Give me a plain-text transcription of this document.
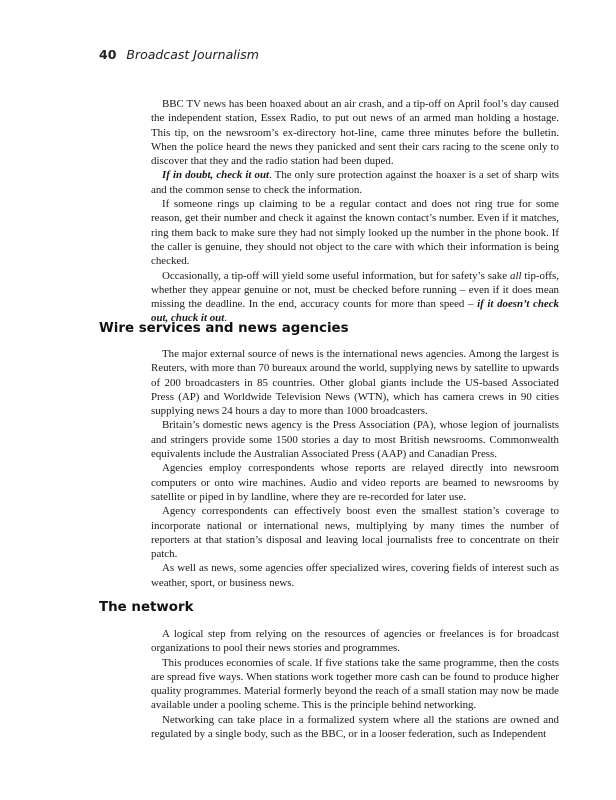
40 Broadcast Journalism

BBC TV news has been hoaxed about an air crash, and a tip-off on April fool’s day caused the independent station, Essex Radio, to put out news of an armed man holding a hostage. This tip, on the newsroom’s ex-directory hot-line, came three minutes before the bulletin. When the police heard the news they panicked and sent their cars racing to the scene only to discover that they and the radio station had been duped.

If in doubt, check it out. The only sure protection against the hoaxer is a set of sharp wits and the common sense to check the information.

If someone rings up claiming to be a regular contact and does not ring true for some reason, get their number and check it against the known contact’s number. Even if it matches, ring them back to make sure they had not simply looked up the number in the phone book. If the caller is genuine, they should not object to the care with which their information is being checked.

Occasionally, a tip-off will yield some useful information, but for safety’s sake all tip-offs, whether they appear genuine or not, must be checked before running – even if it does mean missing the deadline. In the end, accuracy counts for more than speed – if it doesn’t check out, chuck it out.

Wire services and news agencies

The major external source of news is the international news agencies. Among the largest is Reuters, with more than 70 bureaux around the world, supplying news by satellite to upwards of 200 broadcasters in 85 countries. Other global giants include the US-based Associated Press (AP) and Worldwide Television News (WTN), which has camera crews in 90 cities supplying news 24 hours a day to more than 1000 broadcasters.

Britain’s domestic news agency is the Press Association (PA), whose legion of journalists and stringers provide some 1500 stories a day to most British newsrooms. Commonwealth equivalents include the Australian Associated Press (AAP) and Canadian Press.

Agencies employ correspondents whose reports are relayed directly into newsroom computers or onto wire machines. Audio and video reports are beamed to newsrooms by satellite or piped in by landline, where they are re-recorded for later use.

Agency correspondents can effectively boost even the smallest station’s coverage to incorporate national or international news, multiplying by many times the number of reporters at that station’s disposal and leaving local journalists free to concentrate on their patch.

As well as news, some agencies offer specialized wires, covering fields of interest such as weather, sport, or business news.

The network

A logical step from relying on the resources of agencies or freelances is for broadcast organizations to pool their news stories and programmes.

This produces economies of scale. If five stations take the same programme, then the costs are spread five ways. When stations work together more cash can be found to produce higher quality programmes. Material formerly beyond the reach of a small station may now be made available under a pooling scheme. This is the principle behind networking.

Networking can take place in a formalized system where all the stations are owned and regulated by a single body, such as the BBC, or in a looser federation, such as Independent
